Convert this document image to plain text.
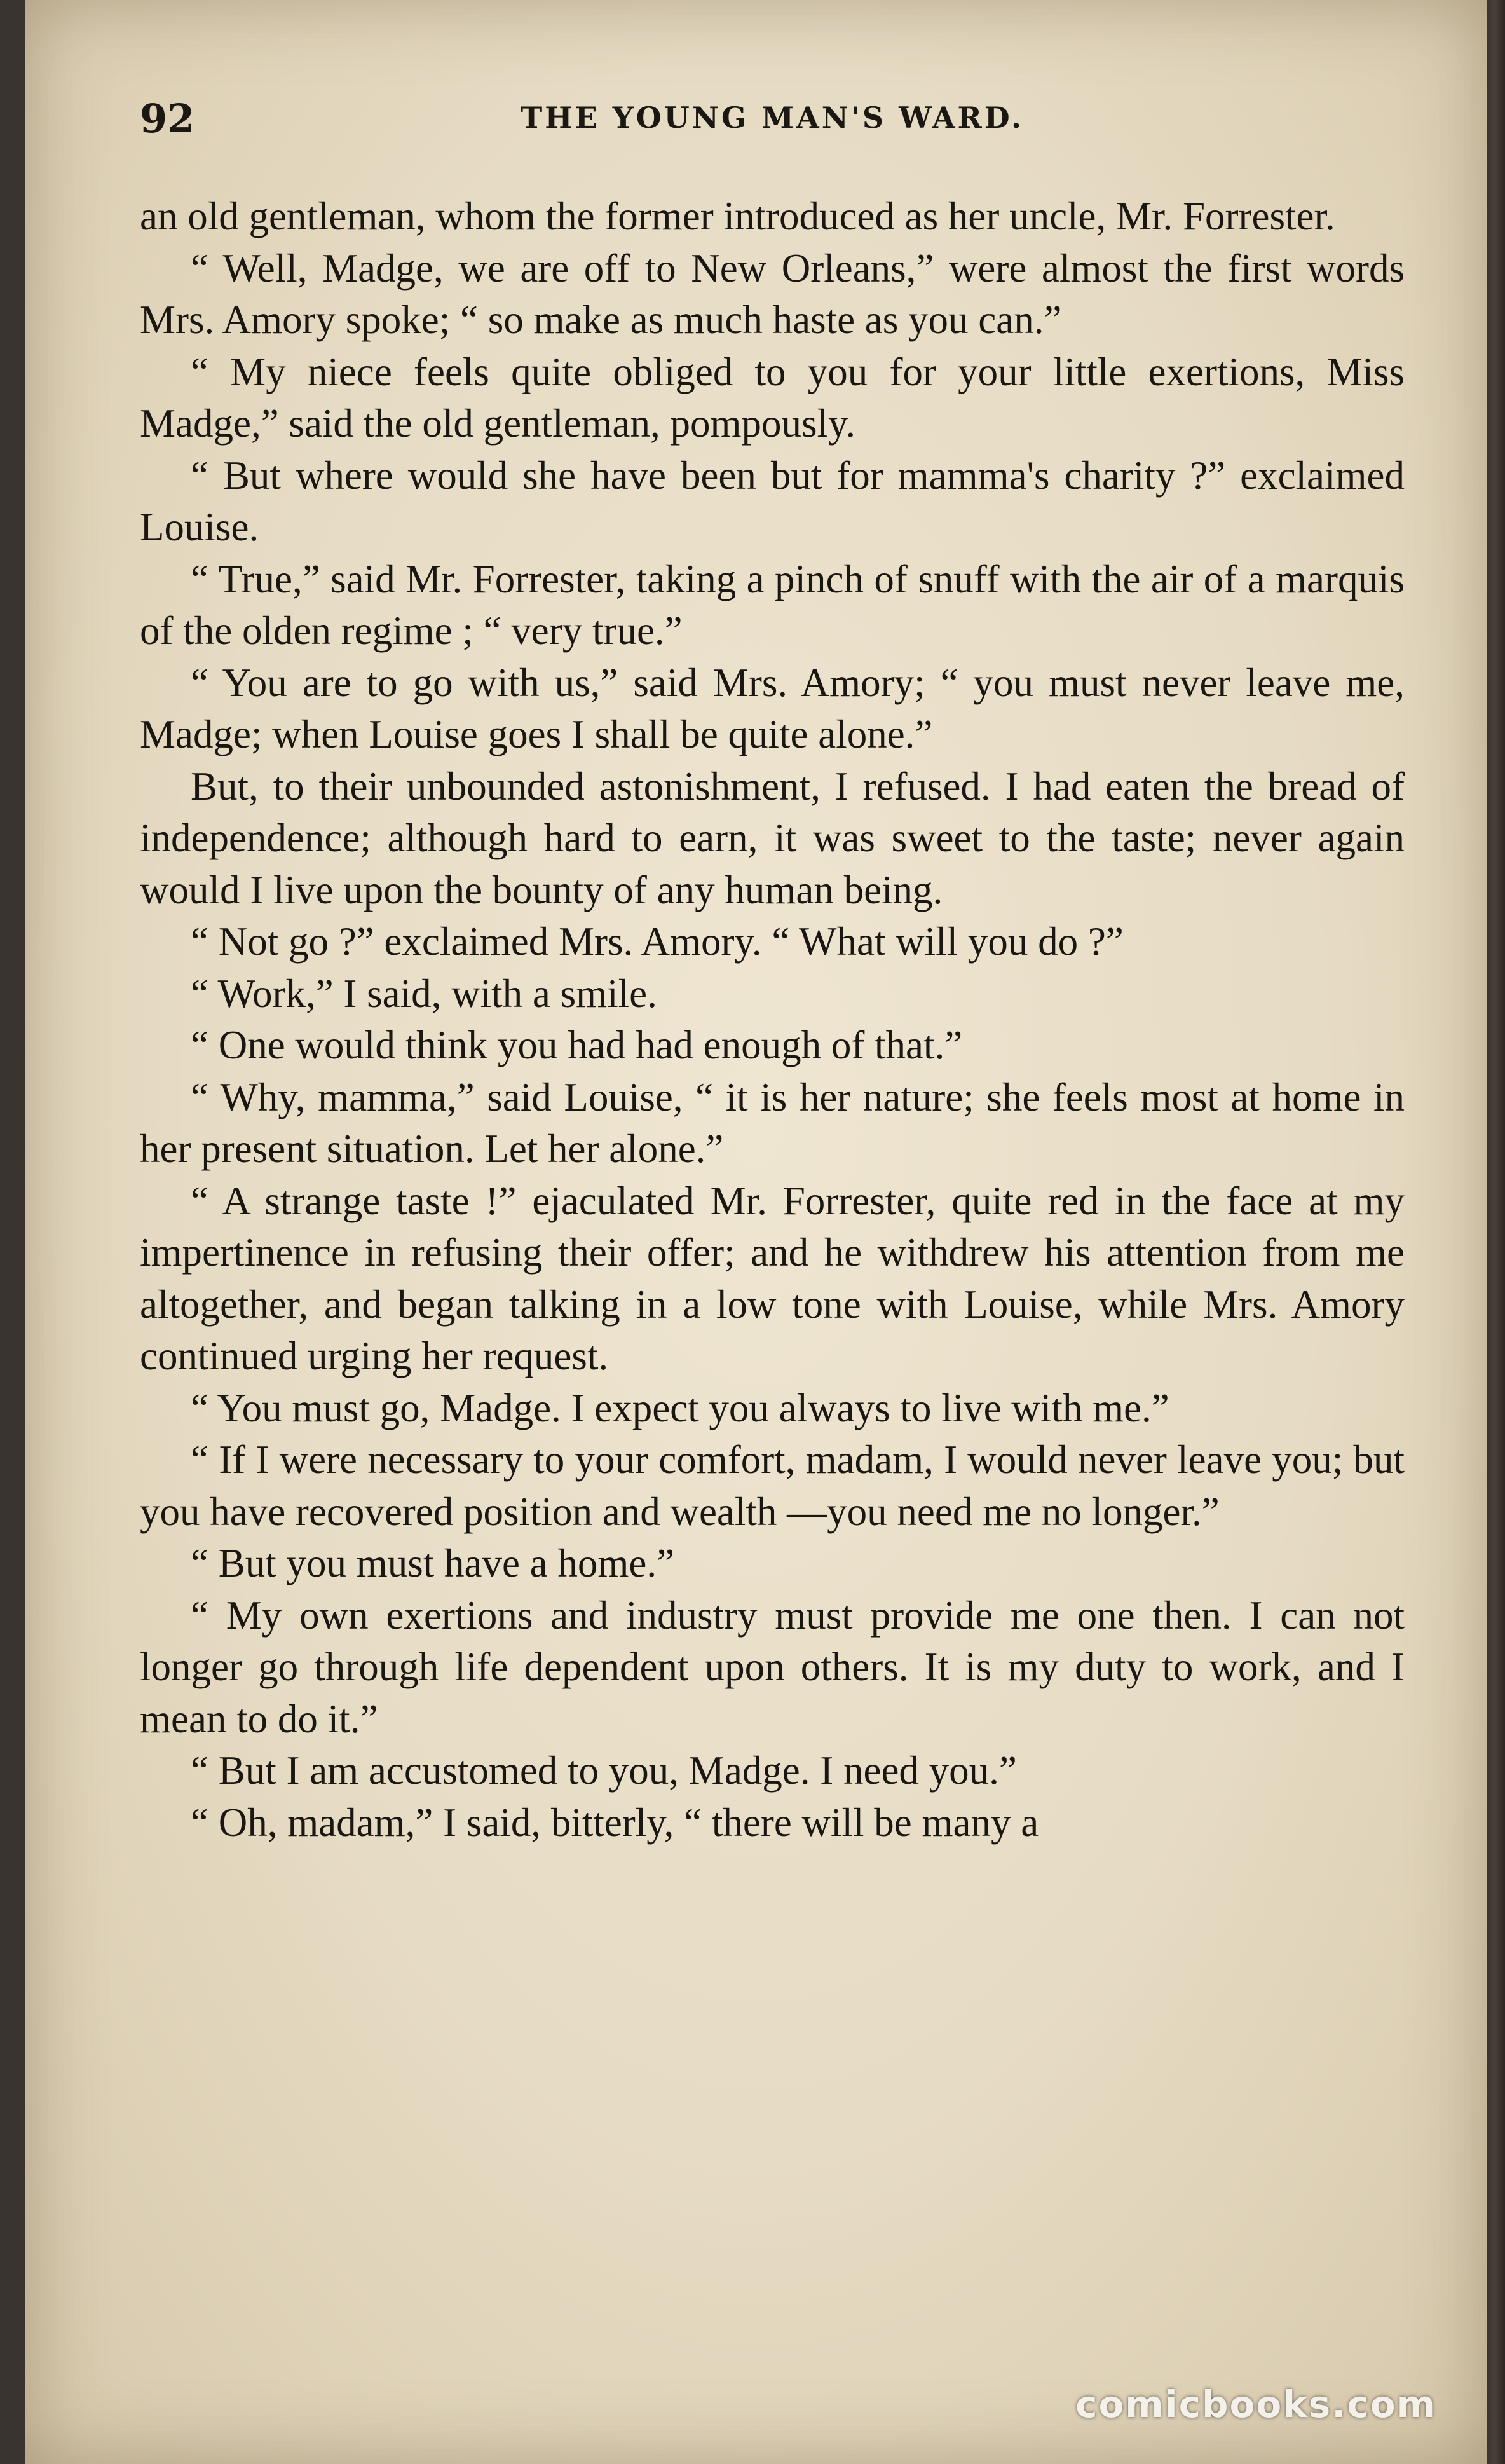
92	THE YOUNG MAN'S WARD.

an old gentleman, whom the former introduced as her uncle, Mr. Forrester.

“ Well, Madge, we are off to New Orleans,” were almost the first words Mrs. Amory spoke; “ so make as much haste as you can.”

“ My niece feels quite obliged to you for your little exertions, Miss Madge,” said the old gentleman, pompously.

“ But where would she have been but for mamma's charity ?” exclaimed Louise.

“ True,” said Mr. Forrester, taking a pinch of snuff with the air of a marquis of the olden regime ; “ very true.”

“ You are to go with us,” said Mrs. Amory; “ you must never leave me, Madge; when Louise goes I shall be quite alone.”

But, to their unbounded astonishment, I refused. I had eaten the bread of independence; although hard to earn, it was sweet to the taste; never again would I live upon the bounty of any human being.

“ Not go ?” exclaimed Mrs. Amory. “ What will you do ?”

“ Work,” I said, with a smile.

“ One would think you had had enough of that.”

“ Why, mamma,” said Louise, “ it is her nature; she feels most at home in her present situation. Let her alone.”

“ A strange taste !” ejaculated Mr. Forrester, quite red in the face at my impertinence in refusing their offer; and he withdrew his attention from me altogether, and began talking in a low tone with Louise, while Mrs. Amory continued urging her request.

“ You must go, Madge. I expect you always to live with me.”

“ If I were necessary to your comfort, madam, I would never leave you; but you have recovered position and wealth —you need me no longer.”

“ But you must have a home.”

“ My own exertions and industry must provide me one then. I can not longer go through life dependent upon others. It is my duty to work, and I mean to do it.”

“ But I am accustomed to you, Madge. I need you.”

“ Oh, madam,” I said, bitterly, “ there will be many a

comicbooks.com
